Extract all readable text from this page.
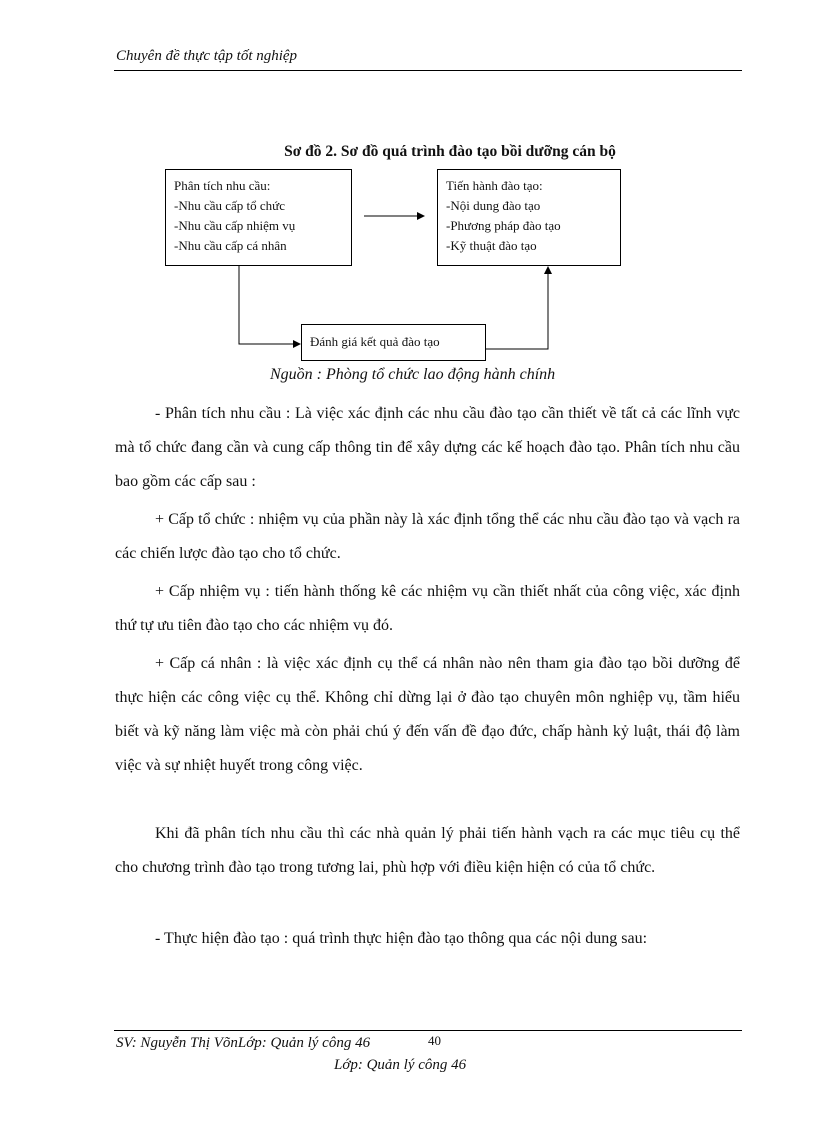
Chuyên đề thực tập tốt nghiệp
Sơ đồ 2. Sơ đồ quá trình đào tạo bồi dưỡng cán bộ
Phân tích nhu cầu:
-Nhu cầu cấp tổ chức
-Nhu cầu cấp nhiệm vụ
-Nhu cầu cấp cá nhân
Tiến hành đào tạo:
-Nội dung đào tạo
-Phương pháp đào tạo
-Kỹ thuật đào tạo
Đánh giá kết quả đào tạo
Nguồn : Phòng tổ chức lao động hành chính
- Phân tích nhu cầu : Là việc xác định các nhu cầu đào tạo cần thiết về tất cả các lĩnh vực mà tổ chức đang cần và cung cấp thông tin để xây dựng các kế hoạch đào tạo. Phân tích nhu cầu bao gồm các cấp sau :
+ Cấp tổ chức : nhiệm vụ của phần này là xác định tổng thể các nhu cầu đào tạo và vạch ra các chiến lược đào tạo cho tổ chức.
+ Cấp nhiệm vụ : tiến hành thống kê các nhiệm vụ cần thiết nhất của công việc, xác định thứ tự ưu tiên đào tạo cho các nhiệm vụ đó.
+ Cấp cá nhân : là việc xác định cụ thể cá nhân nào nên tham gia đào tạo bồi dưỡng để thực hiện các công việc cụ thể. Không chỉ dừng lại ở đào tạo chuyên môn nghiệp vụ, tầm hiểu biết và kỹ năng làm việc mà còn phải chú ý đến vấn đề đạo đức, chấp hành kỷ luật, thái độ làm việc và sự nhiệt huyết trong công việc.
Khi đã phân tích nhu cầu thì các nhà quản lý phải tiến hành vạch ra các mục tiêu cụ thể cho chương trình đào tạo trong tương lai, phù hợp với điều kiện hiện có của tổ chức.
- Thực hiện đào tạo : quá trình thực hiện đào tạo thông qua các nội dung sau:
SV: Nguyễn Thị VõnLớp: Quản lý công 46	40
Lớp: Quản lý công 46
